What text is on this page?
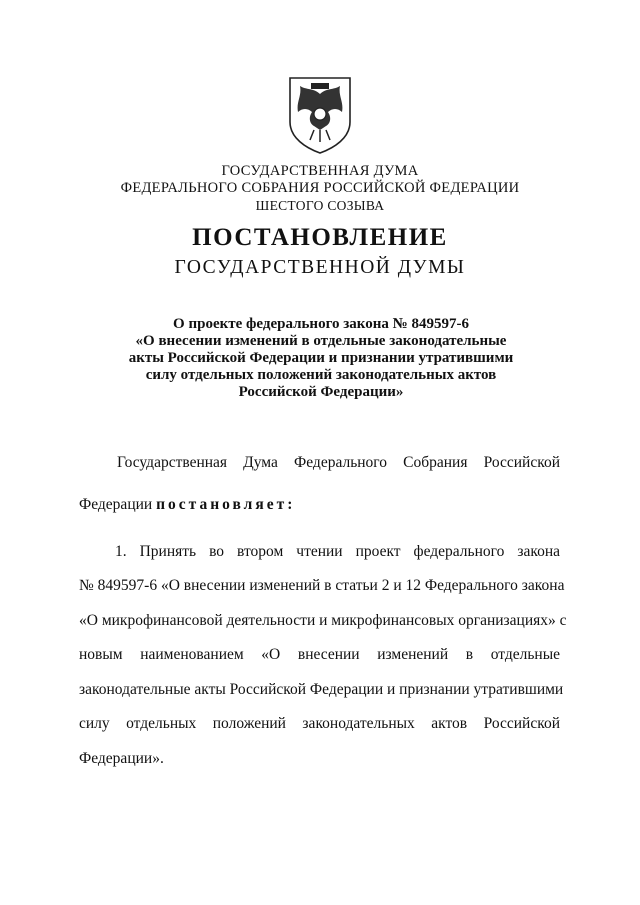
ГОСУДАРСТВЕННАЯ ДУМА
ФЕДЕРАЛЬНОГО СОБРАНИЯ РОССИЙСКОЙ ФЕДЕРАЦИИ
ШЕСТОГО СОЗЫВА
ПОСТАНОВЛЕНИЕ
ГОСУДАРСТВЕННОЙ ДУМЫ
О проекте федерального закона № 849597-6
«О внесении изменений в отдельные законодательные
акты Российской Федерации и признании утратившими
силу отдельных положений законодательных актов
Российской Федерации»
Государственная Дума Федерального Собрания Российской
Федерации постановляет:
1. Принять во втором чтении проект федерального закона
№ 849597-6 «О внесении изменений в статьи 2 и 12 Федерального закона
«О микрофинансовой деятельности и микрофинансовых организациях» с
новым наименованием «О внесении изменений в отдельные
законодательные акты Российской Федерации и признании утратившими
силу отдельных положений законодательных актов Российской
Федерации».
